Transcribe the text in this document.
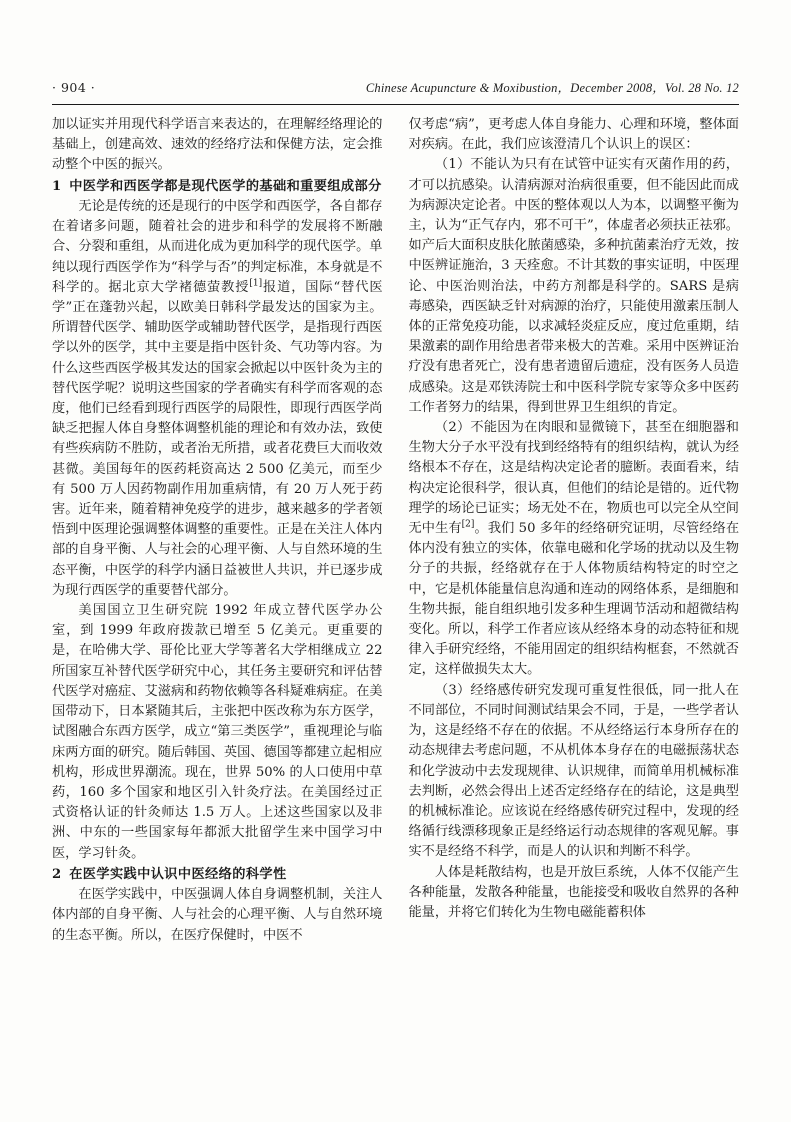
· 904 ·	Chinese Acupuncture & Moxibustion，December 2008，Vol. 28 No. 12

加以证实并用现代科学语言来表达的，在理解经络理论的基础上，创建高效、速效的经络疗法和保健方法，定会推动整个中医的振兴。

1 中医学和西医学都是现代医学的基础和重要组成部分

无论是传统的还是现行的中医学和西医学，各自都存在着诸多问题，随着社会的进步和科学的发展将不断融合、分裂和重组，从而进化成为更加科学的现代医学。单纯以现行西医学作为“科学与否”的判定标准，本身就是不科学的。据北京大学褚德萤教授[1]报道，国际“替代医学”正在蓬勃兴起，以欧美日韩科学最发达的国家为主。所谓替代医学、辅助医学或辅助替代医学，是指现行西医学以外的医学，其中主要是指中医针灸、气功等内容。为什么这些西医学极其发达的国家会掀起以中医针灸为主的替代医学呢？说明这些国家的学者确实有科学而客观的态度，他们已经看到现行西医学的局限性，即现行西医学尚缺乏把握人体自身整体调整机能的理论和有效办法，致使有些疾病防不胜防，或者治无所措，或者花费巨大而收效甚微。美国每年的医药耗资高达 2 500 亿美元，而至少有 500 万人因药物副作用加重病情，有 20 万人死于药害。近年来，随着精神免疫学的进步，越来越多的学者领悟到中医理论强调整体调整的重要性。正是在关注人体内部的自身平衡、人与社会的心理平衡、人与自然环境的生态平衡，中医学的科学内涵日益被世人共识，并已逐步成为现行西医学的重要替代部分。

美国国立卫生研究院 1992 年成立替代医学办公室，到 1999 年政府拨款已增至 5 亿美元。更重要的是，在哈佛大学、哥伦比亚大学等著名大学相继成立 22 所国家互补替代医学研究中心，其任务主要研究和评估替代医学对癌症、艾滋病和药物依赖等各科疑难病症。在美国带动下，日本紧随其后，主张把中医改称为东方医学，试图融合东西方医学，成立“第三类医学”，重视理论与临床两方面的研究。随后韩国、英国、德国等都建立起相应机构，形成世界潮流。现在，世界 50% 的人口使用中草药，160 多个国家和地区引入针灸疗法。在美国经过正式资格认证的针灸师达 1.5 万人。上述这些国家以及非洲、中东的一些国家每年都派大批留学生来中国学习中医，学习针灸。

2 在医学实践中认识中医经络的科学性

在医学实践中，中医强调人体自身调整机制，关注人体内部的自身平衡、人与社会的心理平衡、人与自然环境的生态平衡。所以，在医疗保健时，中医不

仅考虑“病”，更考虑人体自身能力、心理和环境，整体面对疾病。在此，我们应该澄清几个认识上的误区：

（1）不能认为只有在试管中证实有灭菌作用的药，才可以抗感染。认清病源对治病很重要，但不能因此而成为病源决定论者。中医的整体观以人为本，以调整平衡为主，认为“正气存内，邪不可干”，体虚者必须扶正祛邪。如产后大面积皮肤化脓菌感染，多种抗菌素治疗无效，按中医辨证施治，3 天痊愈。不计其数的事实证明，中医理论、中医治则治法，中药方剂都是科学的。SARS 是病毒感染，西医缺乏针对病源的治疗，只能使用激素压制人体的正常免疫功能，以求减轻炎症反应，度过危重期，结果激素的副作用给患者带来极大的苦难。采用中医辨证治疗没有患者死亡，没有患者遗留后遗症，没有医务人员造成感染。这是邓铁涛院士和中医科学院专家等众多中医药工作者努力的结果，得到世界卫生组织的肯定。

（2）不能因为在肉眼和显微镜下，甚至在细胞器和生物大分子水平没有找到经络特有的组织结构，就认为经络根本不存在，这是结构决定论者的臆断。表面看来，结构决定论很科学，很认真，但他们的结论是错的。近代物理学的场论已证实；场无处不在，物质也可以完全从空间无中生有[2]。我们 50 多年的经络研究证明，尽管经络在体内没有独立的实体，依靠电磁和化学场的扰动以及生物分子的共振，经络就存在于人体物质结构特定的时空之中，它是机体能量信息沟通和连动的网络体系，是细胞和生物共振，能自组织地引发多种生理调节活动和超微结构变化。所以，科学工作者应该从经络本身的动态特征和规律入手研究经络，不能用固定的组织结构框套，不然就否定，这样做损失太大。

（3）经络感传研究发现可重复性很低，同一批人在不同部位，不同时间测试结果会不同，于是，一些学者认为，这是经络不存在的依据。不从经络运行本身所存在的动态规律去考虑问题，不从机体本身存在的电磁振荡状态和化学波动中去发现规律、认识规律，而简单用机械标准去判断，必然会得出上述否定经络存在的结论，这是典型的机械标准论。应该说在经络感传研究过程中，发现的经络循行线漂移现象正是经络运行动态规律的客观见解。事实不是经络不科学，而是人的认识和判断不科学。

人体是耗散结构，也是开放巨系统，人体不仅能产生各种能量，发散各种能量，也能接受和吸收自然界的各种能量，并将它们转化为生物电磁能蓄积体
